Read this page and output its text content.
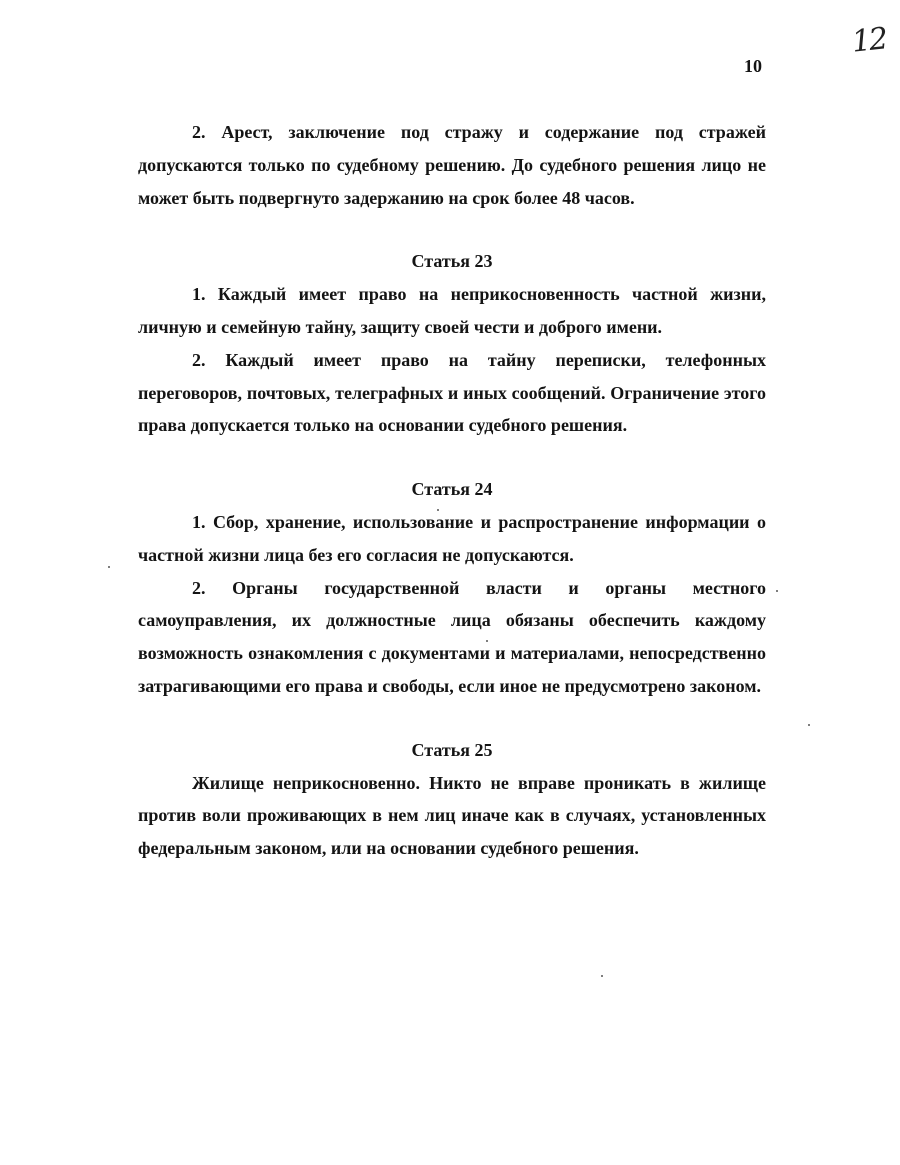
12
10

2. Арест, заключение под стражу и содержание под стражей допускаются только по судебному решению. До судебного решения лицо не может быть подвергнуто задержанию на срок более 48 часов.

Статья 23

1. Каждый имеет право на неприкосновенность частной жизни, личную и семейную тайну, защиту своей чести и доброго имени.

2. Каждый имеет право на тайну переписки, телефонных переговоров, почтовых, телеграфных и иных сообщений. Ограничение этого права допускается только на основании судебного решения.

Статья 24

1. Сбор, хранение, использование и распространение информации о частной жизни лица без его согласия не допускаются.

2. Органы государственной власти и органы местного самоуправления, их должностные лица обязаны обеспечить каждому возможность ознакомления с документами и материалами, непосредственно затрагивающими его права и свободы, если иное не предусмотрено законом.

Статья 25

Жилище неприкосновенно. Никто не вправе проникать в жилище против воли проживающих в нем лиц иначе как в случаях, установленных федеральным законом, или на основании судебного решения.
